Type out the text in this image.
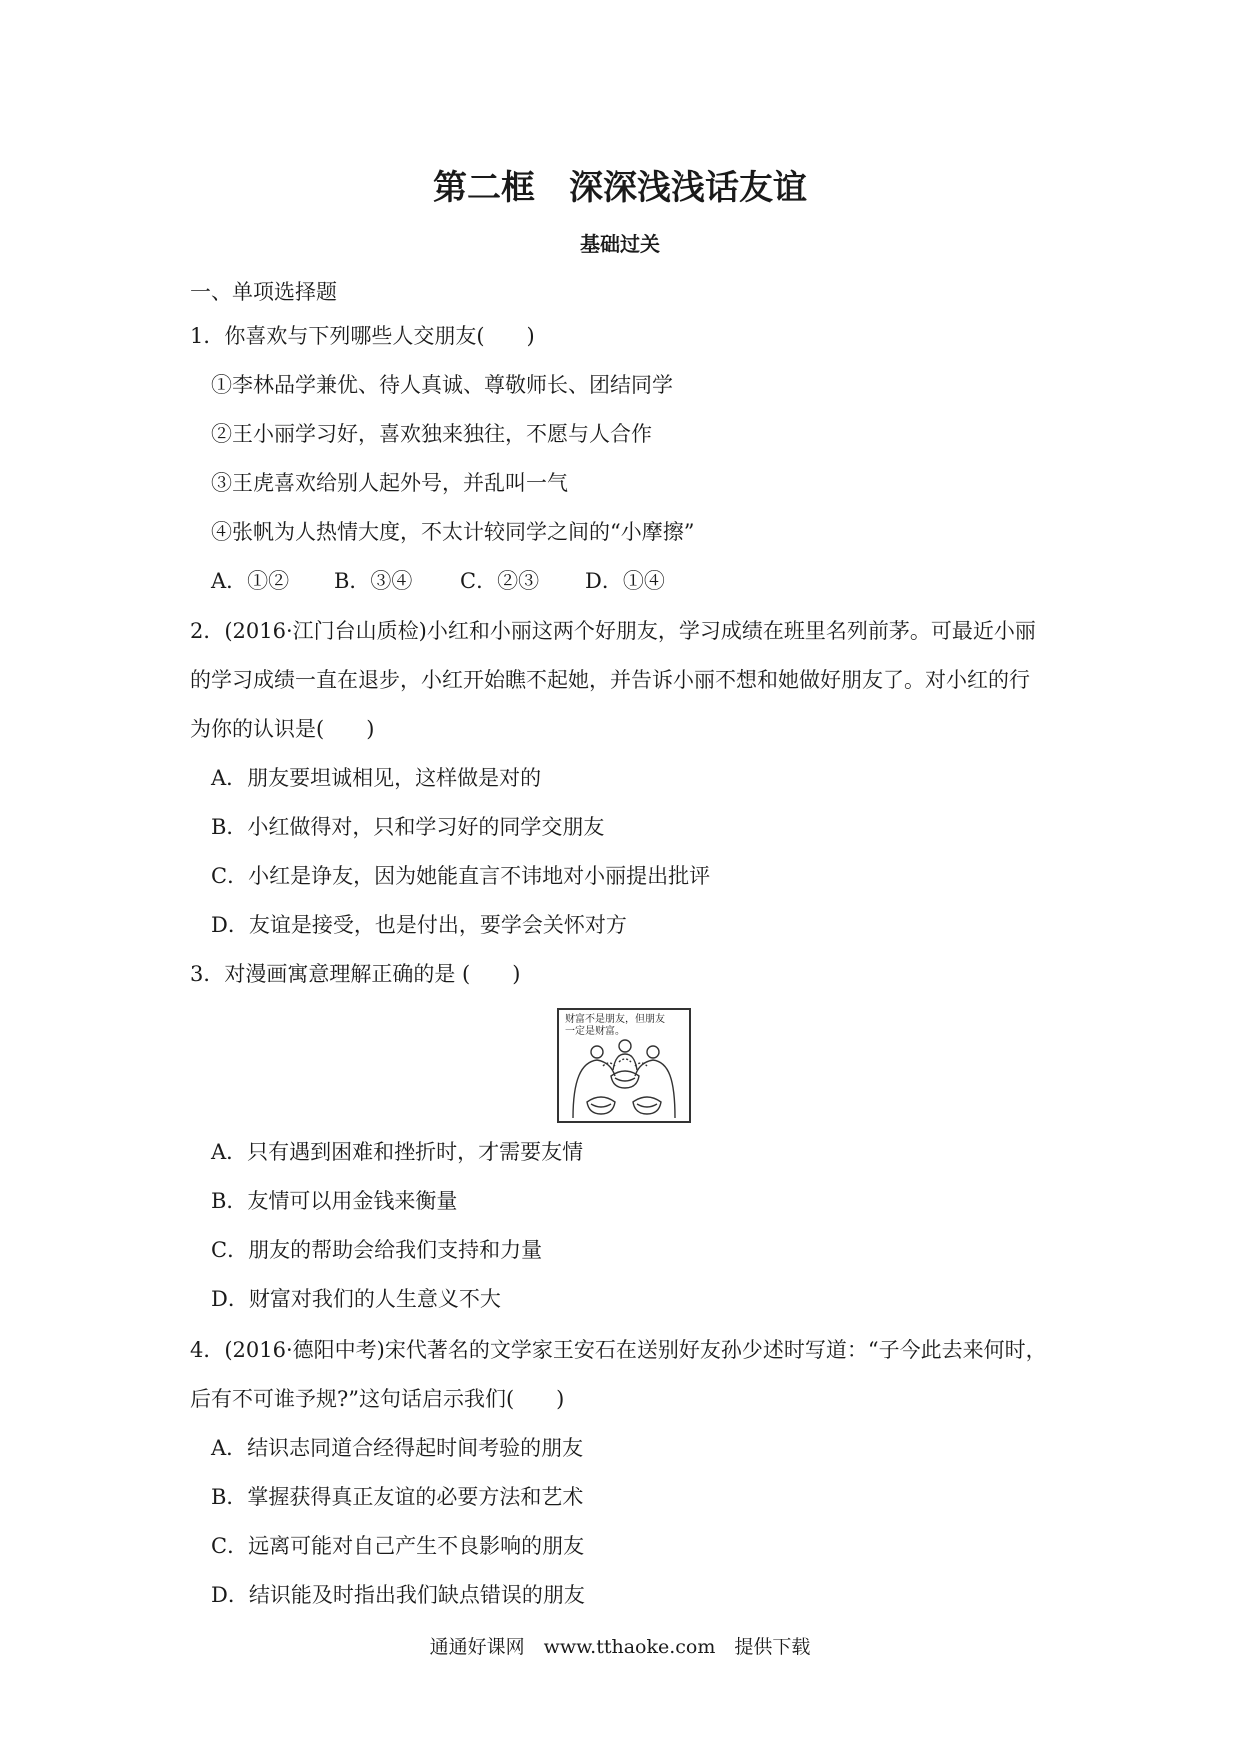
第二框　深深浅浅话友谊
基础过关
一、单项选择题
1．你喜欢与下列哪些人交朋友(　　)
①李林品学兼优、待人真诚、尊敬师长、团结同学
②王小丽学习好，喜欢独来独往，不愿与人合作
③王虎喜欢给别人起外号，并乱叫一气
④张帆为人热情大度，不太计较同学之间的“小摩擦”
A．①② B．③④ C．②③ D．①④
2．(2016·江门台山质检)小红和小丽这两个好朋友，学习成绩在班里名列前茅。可最近小丽
的学习成绩一直在退步，小红开始瞧不起她，并告诉小丽不想和她做好朋友了。对小红的行
为你的认识是(　　)
A．朋友要坦诚相见，这样做是对的
B．小红做得对，只和学习好的同学交朋友
C．小红是诤友，因为她能直言不讳地对小丽提出批评
D．友谊是接受，也是付出，要学会关怀对方
3．对漫画寓意理解正确的是 (　　)
财富不是朋友，但朋友
一定是财富。
A．只有遇到困难和挫折时，才需要友情
B．友情可以用金钱来衡量
C．朋友的帮助会给我们支持和力量
D．财富对我们的人生意义不大
4．(2016·德阳中考)宋代著名的文学家王安石在送别好友孙少述时写道：“子今此去来何时，
后有不可谁予规?”这句话启示我们(　　)
A．结识志同道合经得起时间考验的朋友
B．掌握获得真正友谊的必要方法和艺术
C．远离可能对自己产生不良影响的朋友
D．结识能及时指出我们缺点错误的朋友
通通好课网　www.tthaoke.com　提供下载
